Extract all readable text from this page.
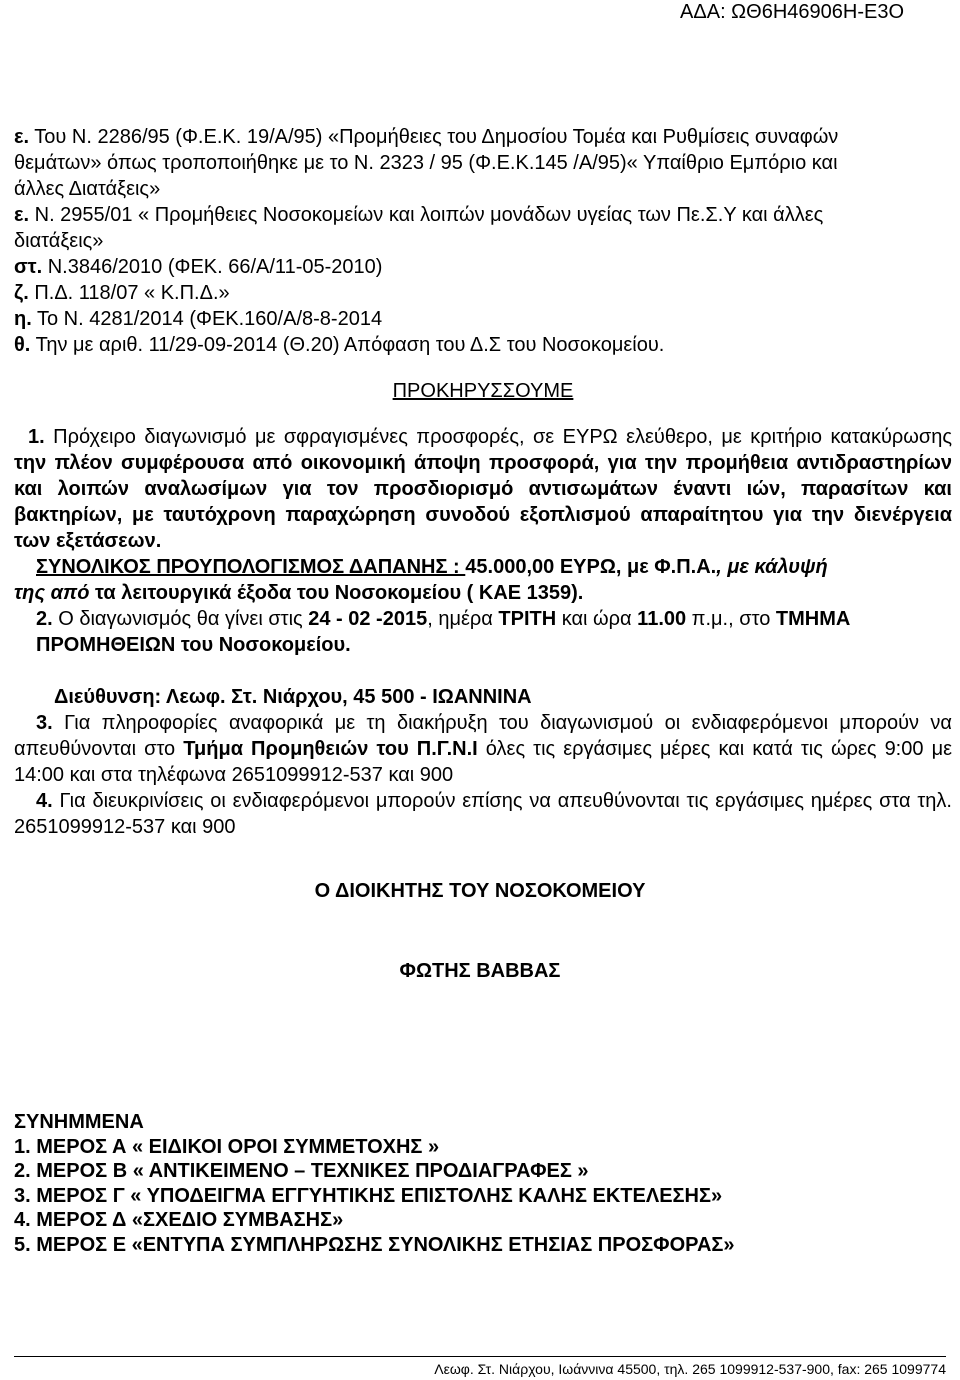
ΑΔΑ: ΩΘ6Η46906Η-Ε3Ο
ε. Του Ν. 2286/95 (Φ.Ε.Κ. 19/Α/95) «Προμήθειες του Δημοσίου Τομέα και Ρυθμίσεις συναφών
θεμάτων» όπως τροποποιήθηκε με το Ν. 2323 / 95 (Φ.Ε.Κ.145 /Α/95)« Υπαίθριο Εμπόριο και
άλλες Διατάξεις»
ε. Ν. 2955/01 « Προμήθειες Νοσοκομείων και λοιπών μονάδων υγείας των Πε.Σ.Υ και άλλες
διατάξεις»
στ. Ν.3846/2010 (ΦΕΚ. 66/Α/11-05-2010)
ζ. Π.Δ. 118/07 « Κ.Π.Δ.»
η. Το Ν. 4281/2014 (ΦΕΚ.160/Α/8-8-2014
θ. Την με αριθ. 11/29-09-2014 (Θ.20) Απόφαση του Δ.Σ του Νοσοκομείου.
ΠΡΟΚΗΡΥΣΣΟΥΜΕ
1. Πρόχειρο διαγωνισμό με σφραγισμένες προσφορές, σε ΕΥΡΩ ελεύθερο, με κριτήριο κατακύρωσης την πλέον συμφέρουσα από οικονομική άποψη προσφορά, για την προμήθεια αντιδραστηρίων και λοιπών αναλωσίμων για τον προσδιορισμό αντισωμάτων έναντι ιών, παρασίτων και βακτηρίων, με ταυτόχρονη παραχώρηση συνοδού εξοπλισμού απαραίτητου για την διενέργεια των εξετάσεων.
ΣΥΝΟΛΙΚΟΣ ΠΡΟΥΠΟΛΟΓΙΣΜΟΣ ΔΑΠΑΝΗΣ : 45.000,00 ΕΥΡΩ, με Φ.Π.Α., με κάλυψή
της από τα λειτουργικά έξοδα του Νοσοκομείου ( ΚΑΕ 1359).
2. Ο διαγωνισμός θα γίνει στις 24 - 02 -2015, ημέρα ΤΡΙΤΗ και ώρα 11.00 π.μ., στο ΤΜΗΜΑ ΠΡΟΜΗΘΕΙΩΝ του Νοσοκομείου.
Διεύθυνση: Λεωφ. Στ. Νιάρχου, 45 500 - ΙΩΑΝΝΙΝΑ
3. Για πληροφορίες αναφορικά με τη διακήρυξη του διαγωνισμού οι ενδιαφερόμενοι μπορούν να απευθύνονται στο Τμήμα Προμηθειών του Π.Γ.Ν.Ι όλες τις εργάσιμες μέρες και κατά τις ώρες 9:00 με 14:00 και στα τηλέφωνα 2651099912-537 και 900
4. Για διευκρινίσεις οι ενδιαφερόμενοι μπορούν επίσης να απευθύνονται τις εργάσιμες ημέρες στα τηλ. 2651099912-537 και 900
Ο ΔΙΟΙΚΗΤΗΣ ΤΟΥ ΝΟΣΟΚΟΜΕΙΟΥ
ΦΩΤΗΣ ΒΑΒΒΑΣ
ΣΥΝΗΜΜΕΝΑ
1. ΜΕΡΟΣ Α « ΕΙΔΙΚΟΙ ΟΡΟΙ ΣΥΜΜΕΤΟΧΗΣ »
2. ΜΕΡΟΣ Β « ΑΝΤΙΚΕΙΜΕΝΟ – ΤΕΧΝΙΚΕΣ ΠΡΟΔΙΑΓΡΑΦΕΣ »
3. ΜΕΡΟΣ Γ « ΥΠΟΔΕΙΓΜΑ ΕΓΓΥΗΤΙΚΗΣ ΕΠΙΣΤΟΛΗΣ ΚΑΛΗΣ ΕΚΤΕΛΕΣΗΣ»
4. ΜΕΡΟΣ Δ «ΣΧΕΔΙΟ ΣΥΜΒΑΣΗΣ»
5. ΜΕΡΟΣ Ε «ΕΝΤΥΠΑ ΣΥΜΠΛΗΡΩΣΗΣ ΣΥΝΟΛΙΚΗΣ ΕΤΗΣΙΑΣ ΠΡΟΣΦΟΡΑΣ»
Λεωφ. Στ. Νιάρχου, Ιωάννινα 45500, τηλ. 265 1099912-537-900, fax: 265 1099774
